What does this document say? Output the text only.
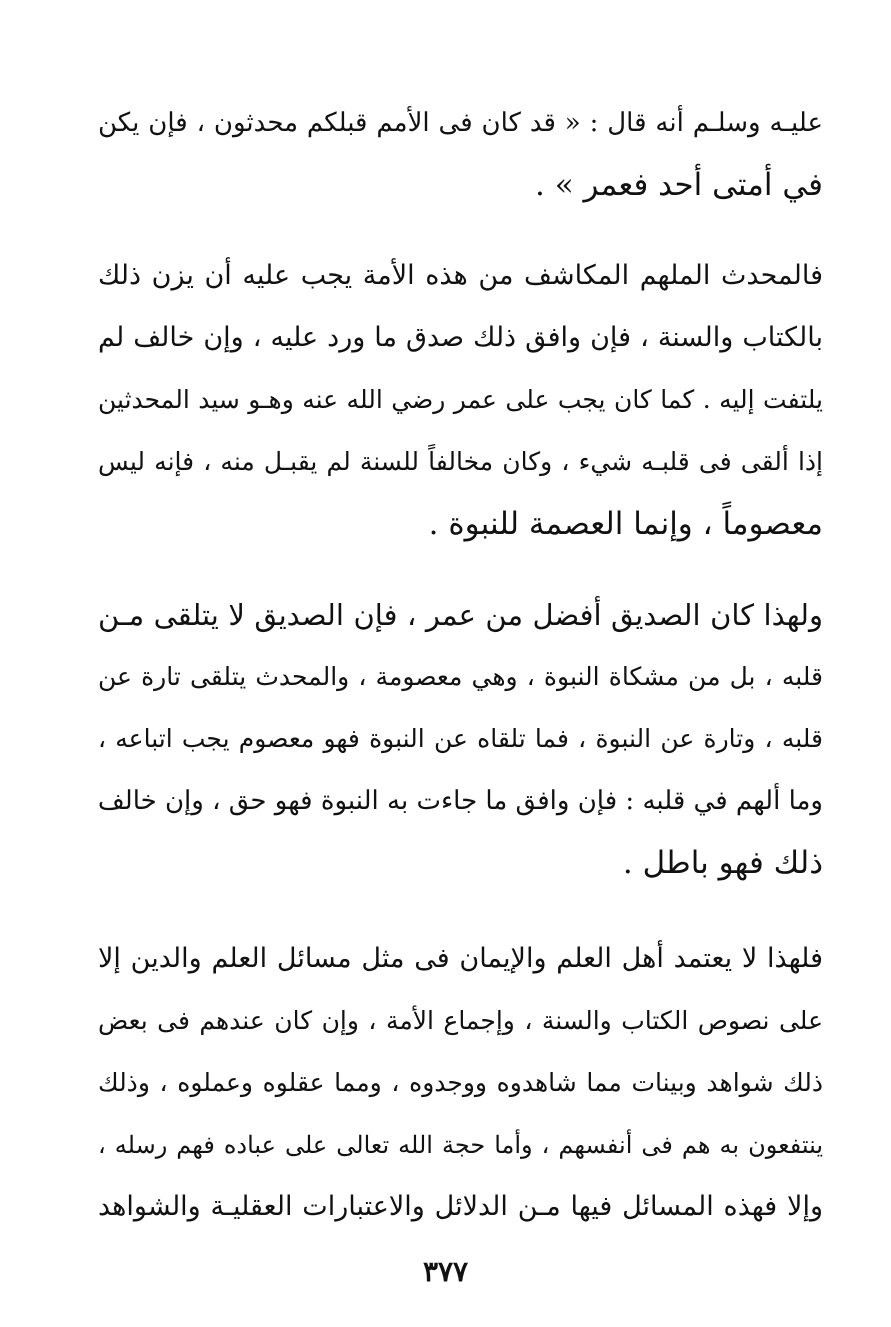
عليـه وسلـم أنه قال : « قد كان فى الأمم قبلكم محدثون ، فإن يكن
في أمتى أحد فعمر » .
فالمحدث الملهم المكاشف من هذه الأمة يجب عليه أن يزن ذلك
بالكتاب والسنة ، فإن وافق ذلك صدق ما ورد عليه ، وإن خالف لم
يلتفت إليه . كما كان يجب على عمر رضي الله عنه وهـو سيد المحدثين
إذا ألقى فى قلبـه شيء ، وكان مخالفاً للسنة لم يقبـل منه ، فإنه ليس
معصوماً ، وإنما العصمة للنبوة .
ولهذا كان الصديق أفضل من عمر ، فإن الصديق لا يتلقى مـن
قلبه ، بل من مشكاة النبوة ، وهي معصومة ، والمحدث يتلقى تارة عن
قلبه ، وتارة عن النبوة ، فما تلقاه عن النبوة فهو معصوم يجب اتباعه ،
وما ألهم في قلبه : فإن وافق ما جاءت به النبوة فهو حق ، وإن خالف
ذلك فهو باطل .
فلهذا لا يعتمد أهل العلم والإيمان فى مثل مسائل العلم والدين إلا
على نصوص الكتاب والسنة ، وإجماع الأمة ، وإن كان عندهم فى بعض
ذلك شواهد وبينات مما شاهدوه ووجدوه ، ومما عقلوه وعملوه ، وذلك
ينتفعون به هم فى أنفسهم ، وأما حجة الله تعالى على عباده فهم رسله ،
وإلا فهذه المسائل فيها مـن الدلائل والاعتبارات العقليـة والشواهد
٣٧٧
